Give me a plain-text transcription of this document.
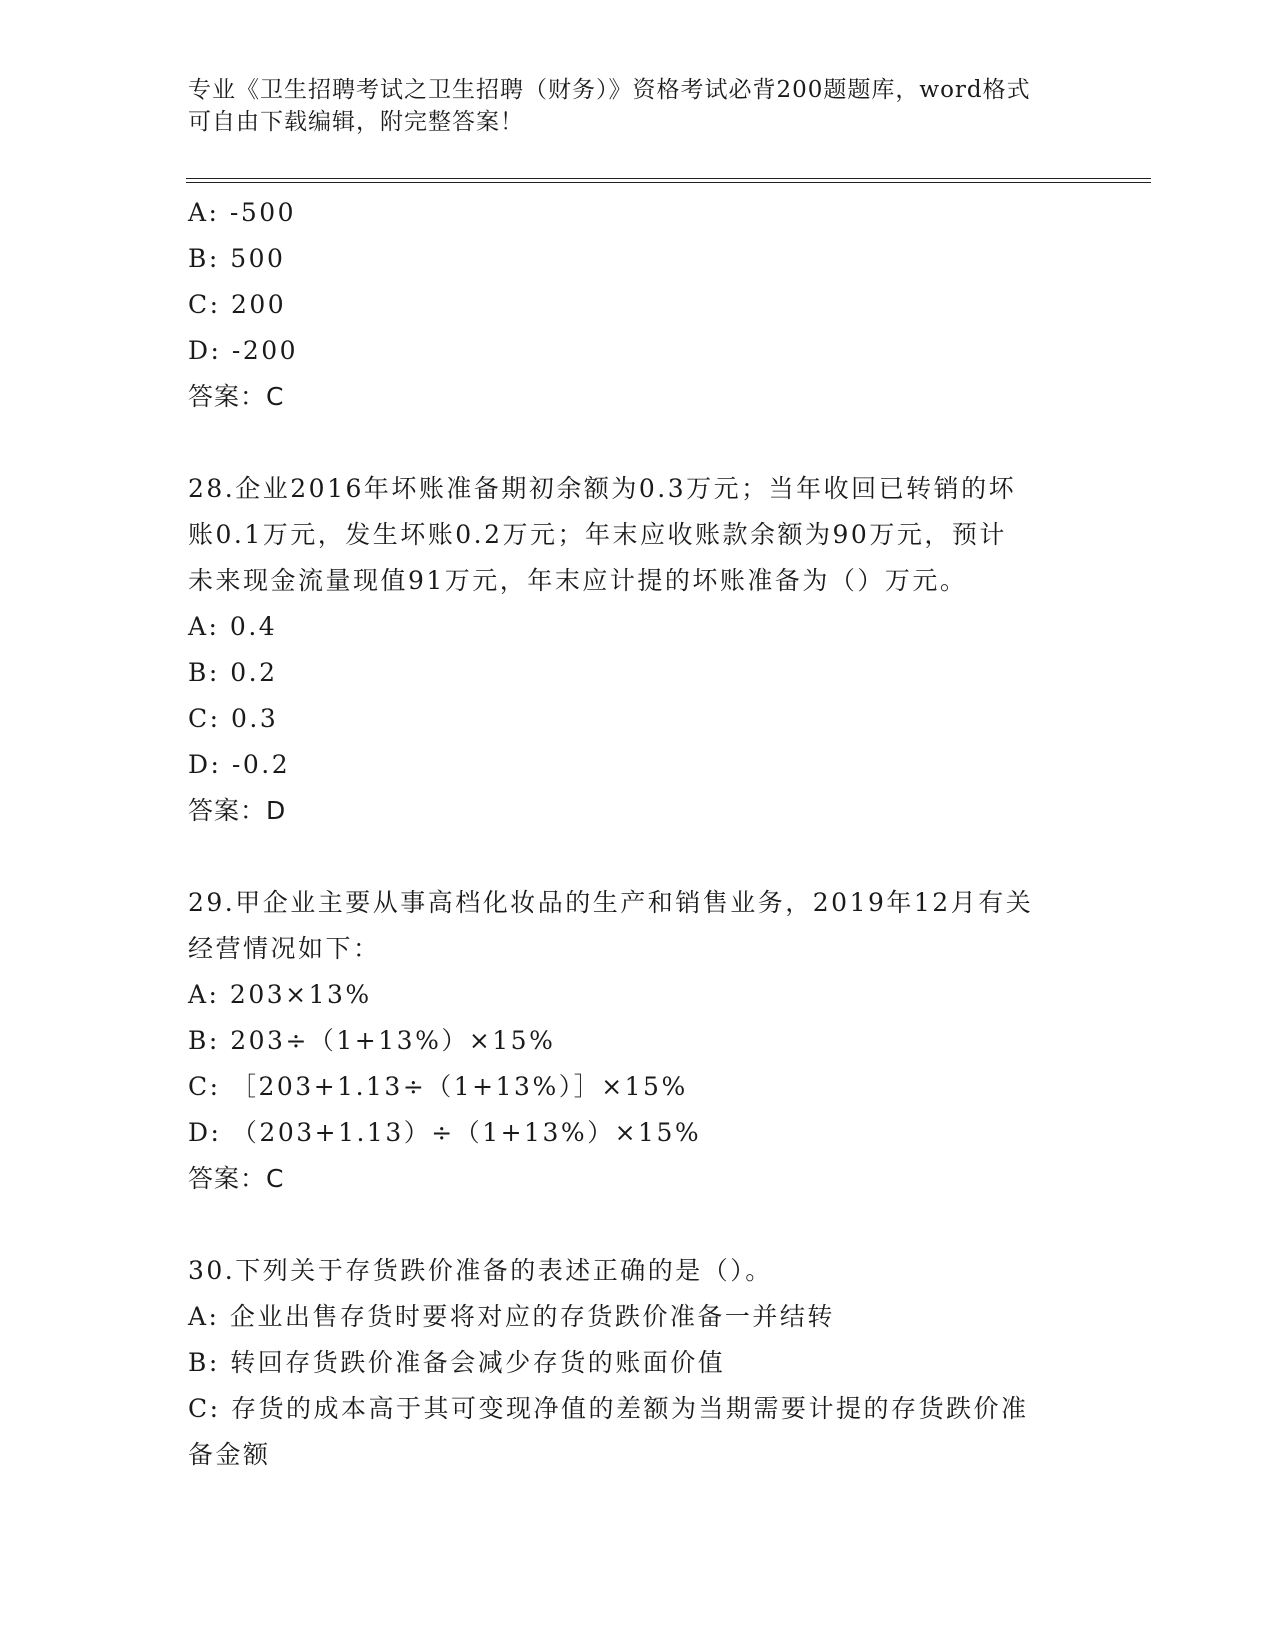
专业《卫生招聘考试之卫生招聘（财务）》资格考试必背200题题库，word格式
可自由下载编辑，附完整答案！
A: -500
B: 500
C: 200
D: -200
答案：C
28.企业2016年坏账准备期初余额为0.3万元；当年收回已转销的坏
账0.1万元，发生坏账0.2万元；年末应收账款余额为90万元，预计
未来现金流量现值91万元，年末应计提的坏账准备为（）万元。
A: 0.4
B: 0.2
C: 0.3
D: -0.2
答案：D
29.甲企业主要从事高档化妆品的生产和销售业务，2019年12月有关
经营情况如下：
A: 203×13%
B: 203÷（1+13%）×15%
C: ［203+1.13÷（1+13%）］×15%
D: （203+1.13）÷（1+13%）×15%
答案：C
30.下列关于存货跌价准备的表述正确的是（）。
A: 企业出售存货时要将对应的存货跌价准备一并结转
B: 转回存货跌价准备会减少存货的账面价值
C: 存货的成本高于其可变现净值的差额为当期需要计提的存货跌价准
备金额
